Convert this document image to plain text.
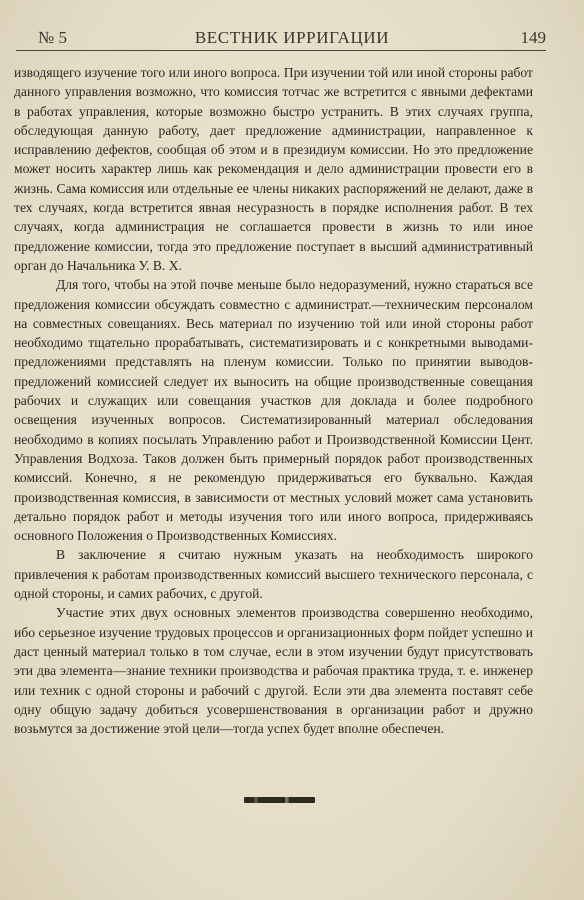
№ 5	ВЕСТНИК ИРРИГАЦИИ	149

изводящего изучение того или иного вопроса. При изучении той или иной стороны работ данного управления возможно, что комиссия тотчас же встретится с явными дефектами в работах управления, которые возможно быстро устранить. В этих случаях группа, обследующая данную работу, дает предложение администрации, направленное к исправлению дефектов, сообщая об этом и в президиум комиссии. Но это предложение может носить характер лишь как рекомендация и дело администрации провести его в жизнь. Сама комиссия или отдельные ее члены никаких распоряжений не делают, даже в тех случаях, когда встретится явная несуразность в порядке исполнения работ. В тех случаях, когда администрация не соглашается провести в жизнь то или иное предложение комиссии, тогда это предложение поступает в высший административный орган до Начальника У. В. Х.

Для того, чтобы на этой почве меньше было недоразумений, нужно стараться все предложения комиссии обсуждать совместно с администрат.—техническим персоналом на совместных совещаниях. Весь материал по изучению той или иной стороны работ необходимо тщательно прорабатывать, систематизировать и с конкретными выводами-предложениями представлять на пленум комиссии. Только по принятии выводов-предложений комиссией следует их выносить на общие производственные совещания рабочих и служащих или совещания участков для доклада и более подробного освещения изученных вопросов. Систематизированный материал обследования необходимо в копиях посылать Управлению работ и Производственной Комиссии Цент. Управления Водхоза. Таков должен быть примерный порядок работ производственных комиссий. Конечно, я не рекомендую придерживаться его буквально. Каждая производственная комиссия, в зависимости от местных условий может сама установить детально порядок работ и методы изучения того или иного вопроса, придерживаясь основного Положения о Производственных Комиссиях.

В заключение я считаю нужным указать на необходимость широкого привлечения к работам производственных комиссий высшего технического персонала, с одной стороны, и самих рабочих, с другой.

Участие этих двух основных элементов производства совершенно необходимо, ибо серьезное изучение трудовых процессов и организационных форм пойдет успешно и даст ценный материал только в том случае, если в этом изучении будут присутствовать эти два элемента—знание техники производства и рабочая практика труда, т. е. инженер или техник с одной стороны и рабочий с другой. Если эти два элемента поставят себе одну общую задачу добиться усовершенствования в организации работ и дружно возьмутся за достижение этой цели—тогда успех будет вполне обеспечен.
